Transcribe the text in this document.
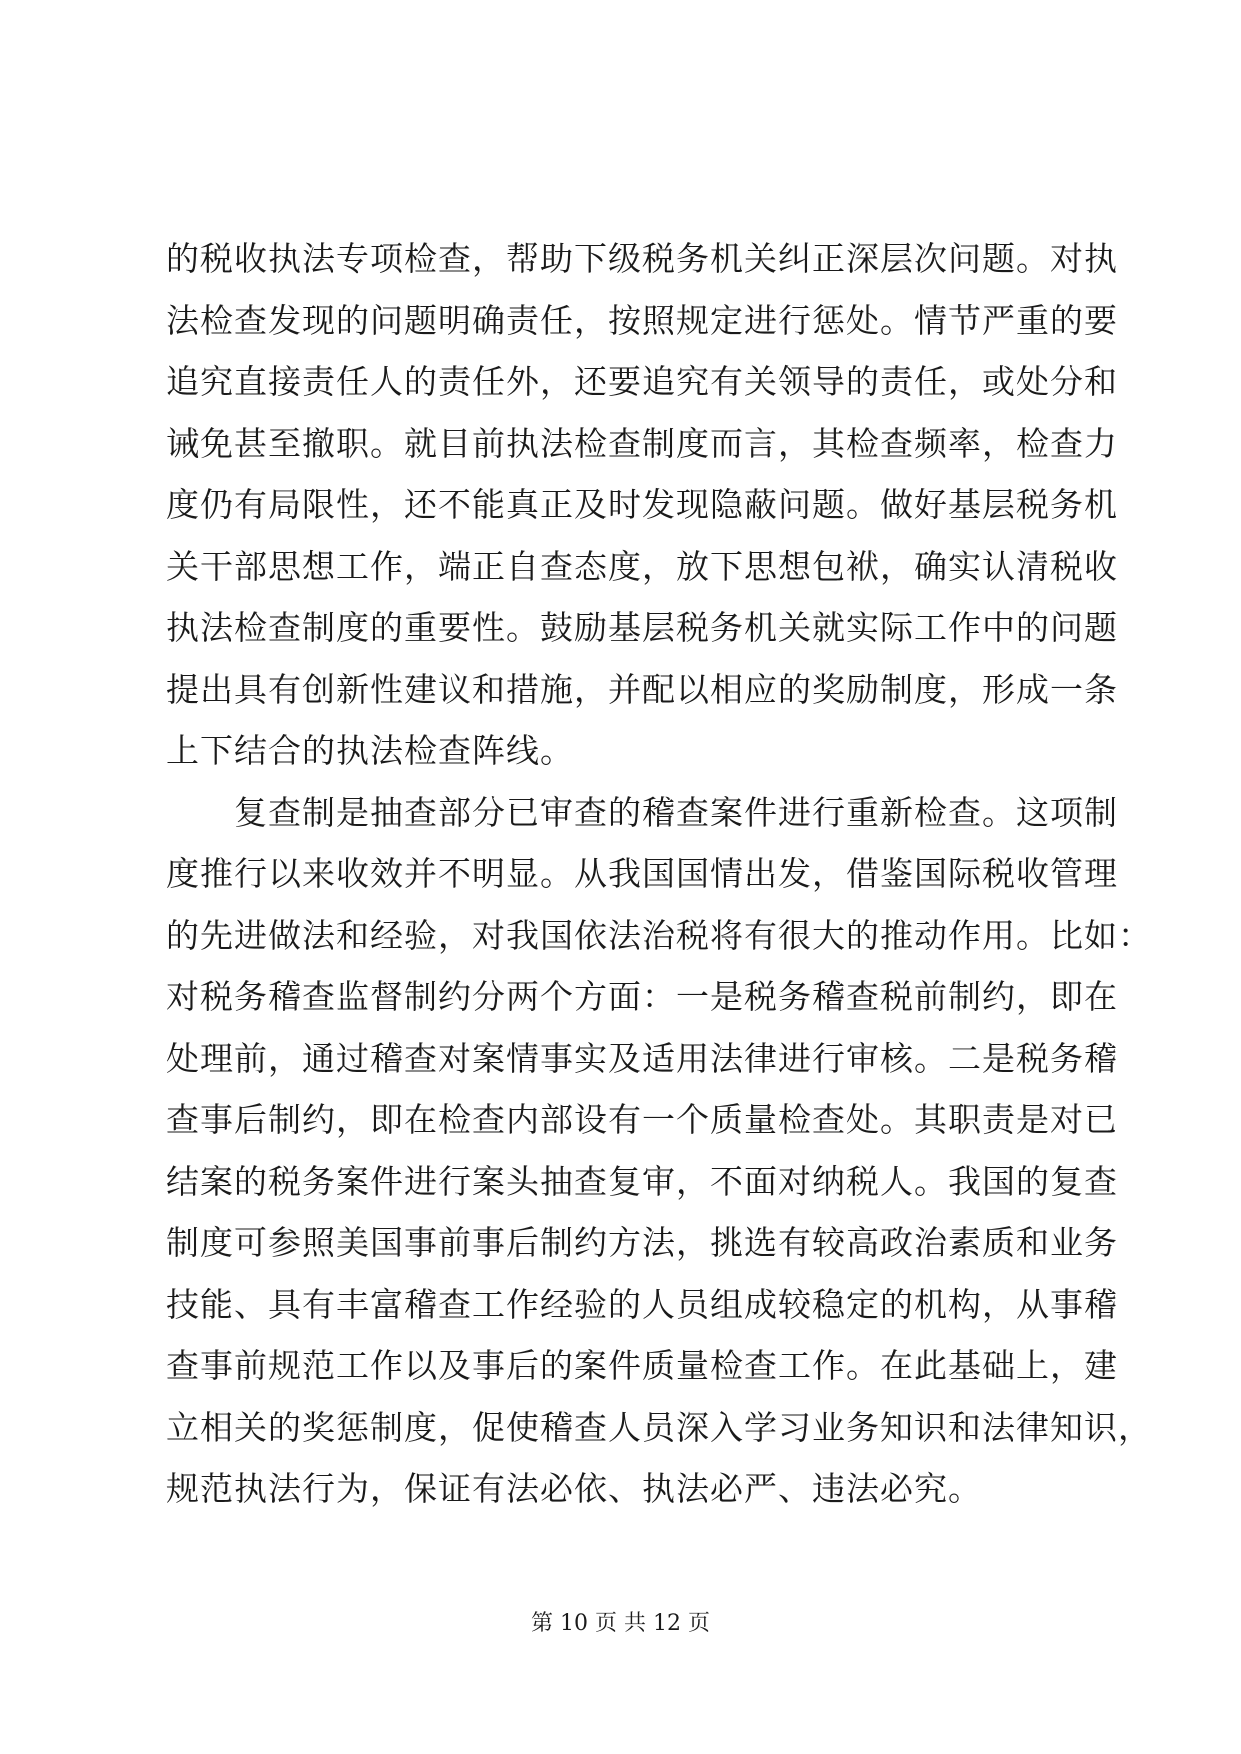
的税收执法专项检查，帮助下级税务机关纠正深层次问题。对执
法检查发现的问题明确责任，按照规定进行惩处。情节严重的要
追究直接责任人的责任外，还要追究有关领导的责任，或处分和
诫免甚至撤职。就目前执法检查制度而言，其检查频率，检查力
度仍有局限性，还不能真正及时发现隐蔽问题。做好基层税务机
关干部思想工作，端正自查态度，放下思想包袱，确实认清税收
执法检查制度的重要性。鼓励基层税务机关就实际工作中的问题
提出具有创新性建议和措施，并配以相应的奖励制度，形成一条
上下结合的执法检查阵线。

　　复查制是抽查部分已审查的稽查案件进行重新检查。这项制
度推行以来收效并不明显。从我国国情出发，借鉴国际税收管理
的先进做法和经验，对我国依法治税将有很大的推动作用。比如：
对税务稽查监督制约分两个方面：一是税务稽查税前制约，即在
处理前，通过稽查对案情事实及适用法律进行审核。二是税务稽
查事后制约，即在检查内部设有一个质量检查处。其职责是对已
结案的税务案件进行案头抽查复审，不面对纳税人。我国的复查
制度可参照美国事前事后制约方法，挑选有较高政治素质和业务
技能、具有丰富稽查工作经验的人员组成较稳定的机构，从事稽
查事前规范工作以及事后的案件质量检查工作。在此基础上，建
立相关的奖惩制度，促使稽查人员深入学习业务知识和法律知识，
规范执法行为，保证有法必依、执法必严、违法必究。

第 10 页 共 12 页
